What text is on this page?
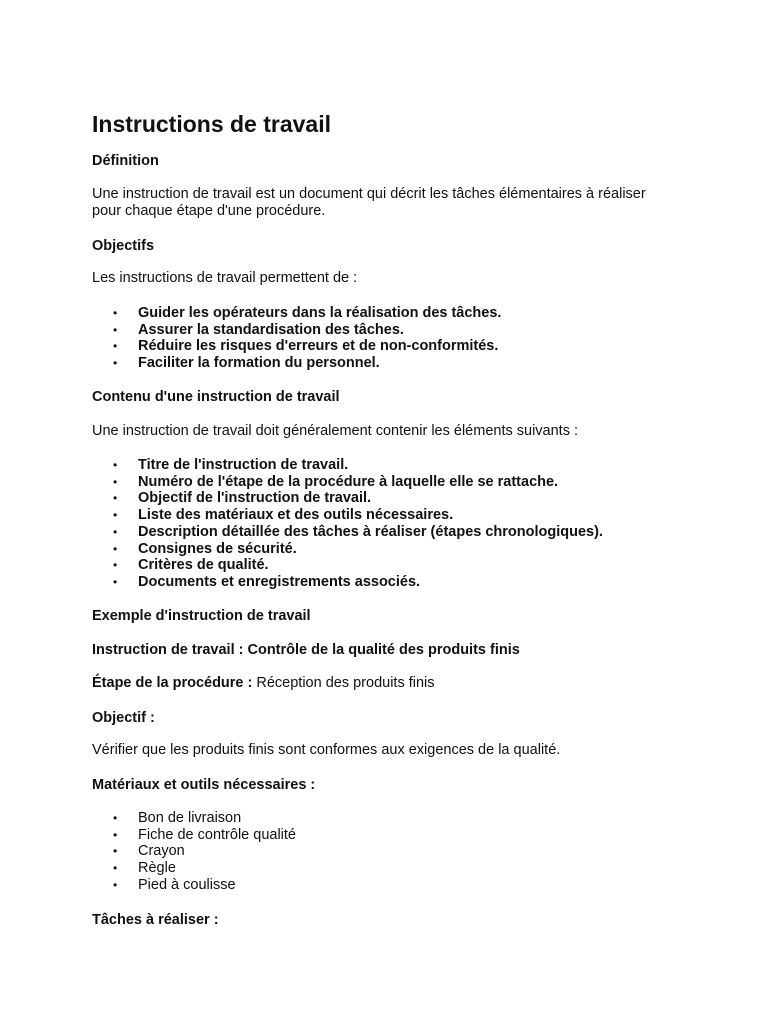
Instructions de travail
Définition
Une instruction de travail est un document qui décrit les tâches élémentaires à réaliser pour chaque étape d'une procédure.
Objectifs
Les instructions de travail permettent de :
• Guider les opérateurs dans la réalisation des tâches.
• Assurer la standardisation des tâches.
• Réduire les risques d'erreurs et de non-conformités.
• Faciliter la formation du personnel.
Contenu d'une instruction de travail
Une instruction de travail doit généralement contenir les éléments suivants :
• Titre de l'instruction de travail.
• Numéro de l'étape de la procédure à laquelle elle se rattache.
• Objectif de l'instruction de travail.
• Liste des matériaux et des outils nécessaires.
• Description détaillée des tâches à réaliser (étapes chronologiques).
• Consignes de sécurité.
• Critères de qualité.
• Documents et enregistrements associés.
Exemple d'instruction de travail
Instruction de travail : Contrôle de la qualité des produits finis
Étape de la procédure : Réception des produits finis
Objectif :
Vérifier que les produits finis sont conformes aux exigences de la qualité.
Matériaux et outils nécessaires :
• Bon de livraison
• Fiche de contrôle qualité
• Crayon
• Règle
• Pied à coulisse
Tâches à réaliser :
